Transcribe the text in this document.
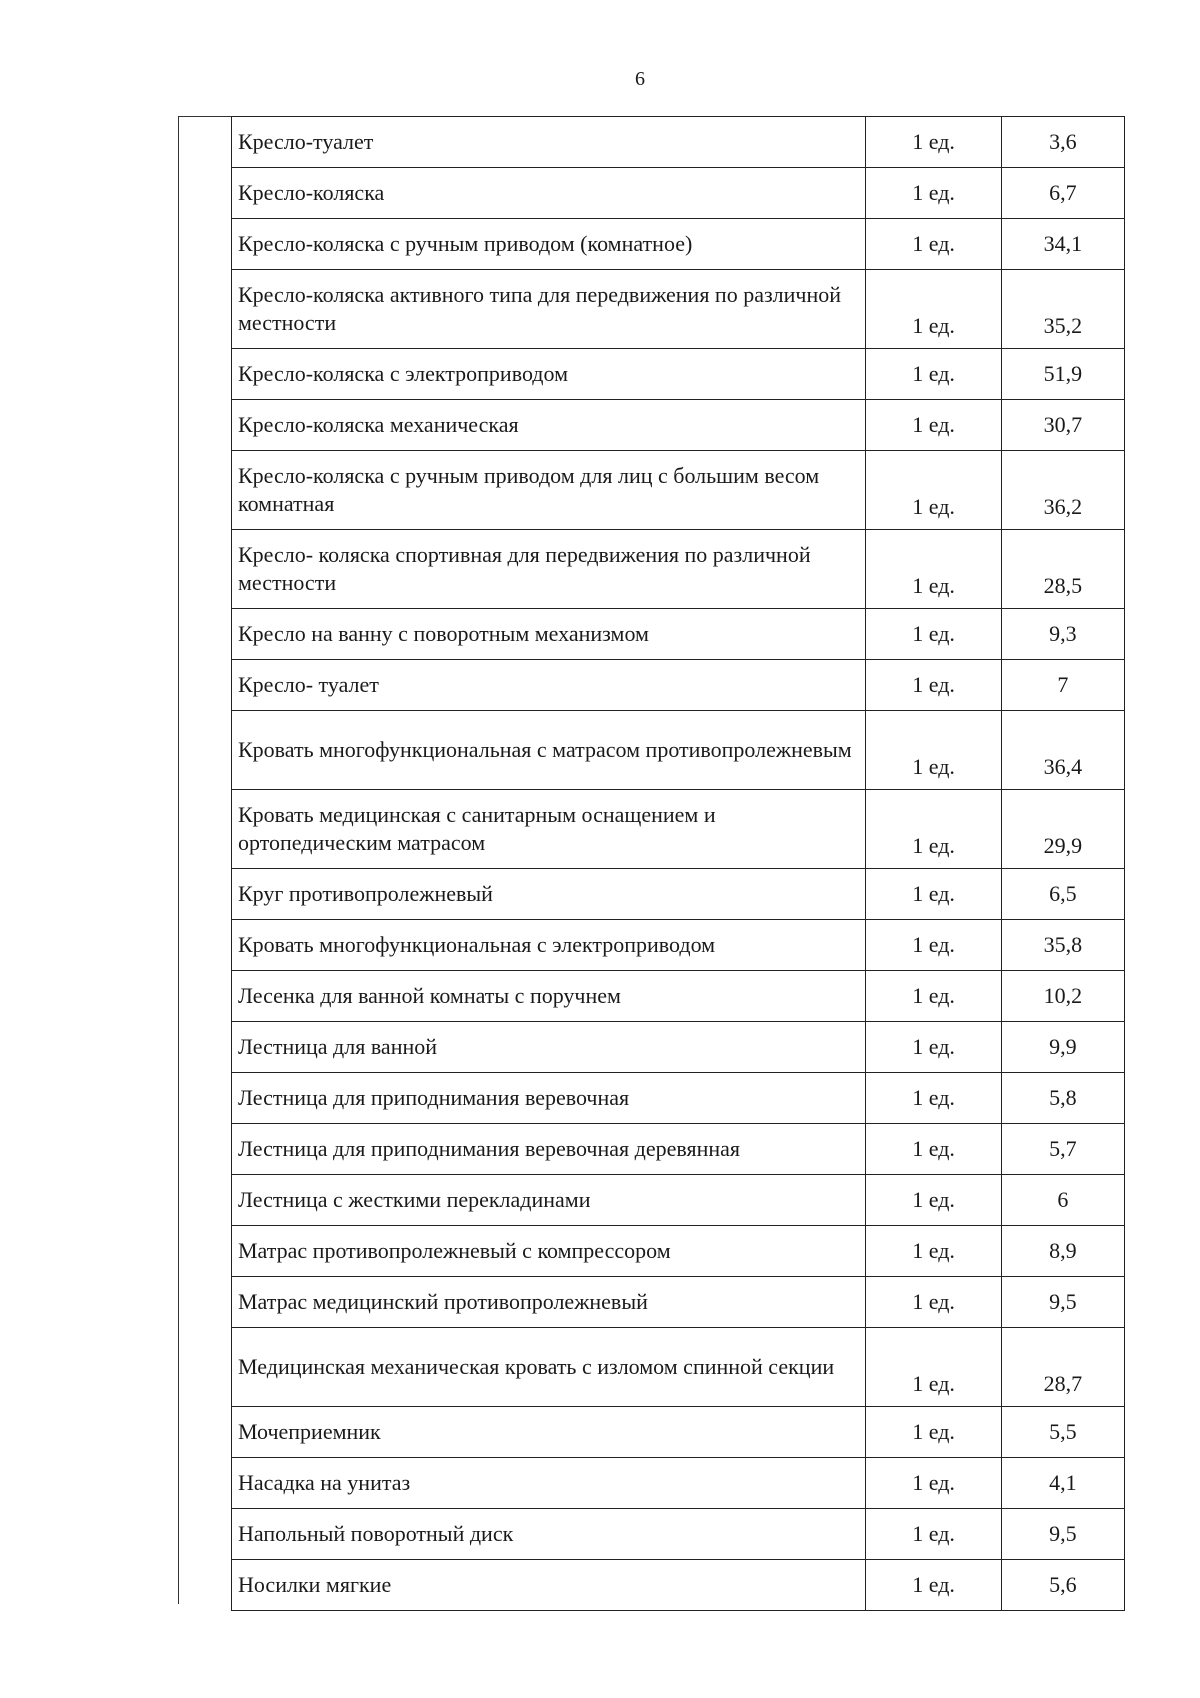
6
Кресло-туалет	1 ед.	3,6
Кресло-коляска	1 ед.	6,7
Кресло-коляска с ручным приводом (комнатное)	1 ед.	34,1
Кресло-коляска активного типа для передвижения по различной местности	1 ед.	35,2
Кресло-коляска с электроприводом	1 ед.	51,9
Кресло-коляска механическая	1 ед.	30,7
Кресло-коляска с ручным приводом для лиц с большим весом комнатная	1 ед.	36,2
Кресло- коляска спортивная для передвижения по различной местности	1 ед.	28,5
Кресло на ванну с поворотным механизмом	1 ед.	9,3
Кресло- туалет	1 ед.	7
Кровать многофункциональная с матрасом противопролежневым	1 ед.	36,4
Кровать медицинская с санитарным оснащением и ортопедическим матрасом	1 ед.	29,9
Круг противопролежневый	1 ед.	6,5
Кровать многофункциональная с электроприводом	1 ед.	35,8
Лесенка для ванной комнаты с поручнем	1 ед.	10,2
Лестница для ванной	1 ед.	9,9
Лестница для приподнимания веревочная	1 ед.	5,8
Лестница для приподнимания веревочная деревянная	1 ед.	5,7
Лестница с жесткими перекладинами	1 ед.	6
Матрас противопролежневый с компрессором	1 ед.	8,9
Матрас медицинский противопролежневый	1 ед.	9,5
Медицинская механическая кровать с изломом спинной секции	1 ед.	28,7
Мочеприемник	1 ед.	5,5
Насадка на унитаз	1 ед.	4,1
Напольный поворотный диск	1 ед.	9,5
Носилки мягкие	1 ед.	5,6
